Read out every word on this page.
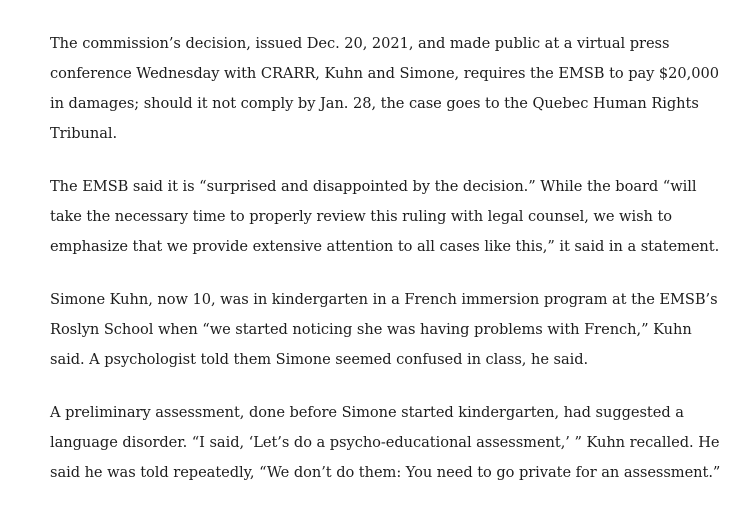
The commission’s decision, issued Dec. 20, 2021, and made public at a virtual press conference Wednesday with CRARR, Kuhn and Simone, requires the EMSB to pay $20,000 in damages; should it not comply by Jan. 28, the case goes to the Quebec Human Rights Tribunal.

The EMSB said it is “surprised and disappointed by the decision.” While the board “will take the necessary time to properly review this ruling with legal counsel, we wish to emphasize that we provide extensive attention to all cases like this,” it said in a statement.

Simone Kuhn, now 10, was in kindergarten in a French immersion program at the EMSB’s Roslyn School when “we started noticing she was having problems with French,” Kuhn said. A psychologist told them Simone seemed confused in class, he said.

A preliminary assessment, done before Simone started kindergarten, had suggested a language disorder. “I said, ‘Let’s do a psycho-educational assessment,’ ” Kuhn recalled. He said he was told repeatedly, “We don’t do them: You need to go private for an assessment.”
